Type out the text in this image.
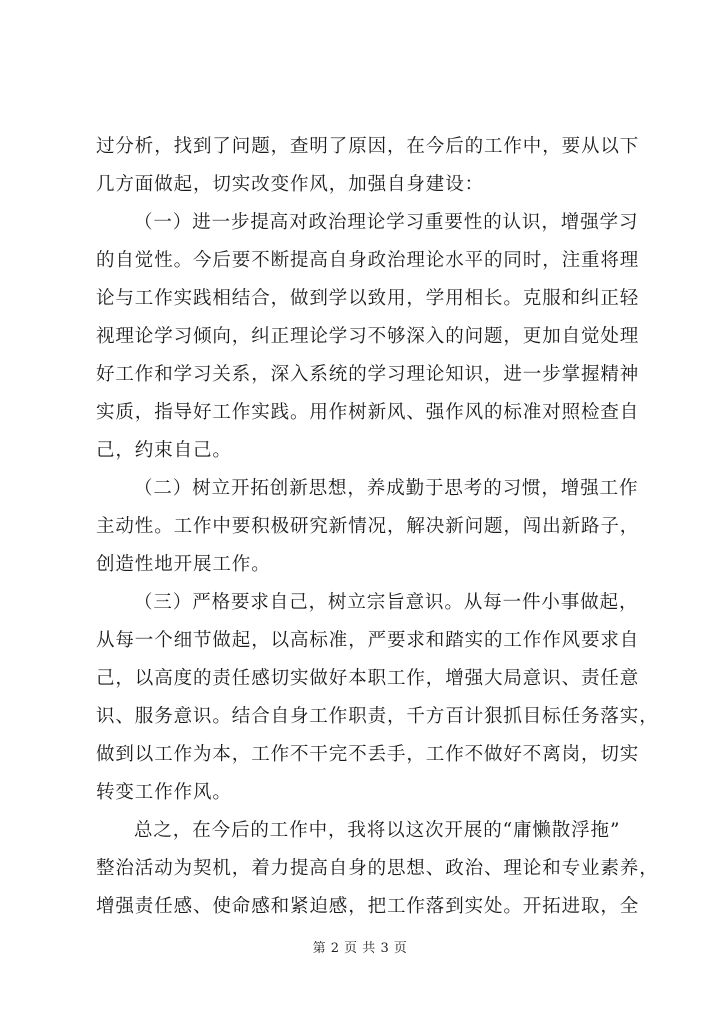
过分析，找到了问题，查明了原因，在今后的工作中，要从以下
几方面做起，切实改变作风，加强自身建设：
（一）进一步提高对政治理论学习重要性的认识，增强学习
的自觉性。今后要不断提高自身政治理论水平的同时，注重将理
论与工作实践相结合，做到学以致用，学用相长。克服和纠正轻
视理论学习倾向，纠正理论学习不够深入的问题，更加自觉处理
好工作和学习关系，深入系统的学习理论知识，进一步掌握精神
实质，指导好工作实践。用作树新风、强作风的标准对照检查自
己，约束自己。
（二）树立开拓创新思想，养成勤于思考的习惯，增强工作
主动性。工作中要积极研究新情况，解决新问题，闯出新路子，
创造性地开展工作。
（三）严格要求自己，树立宗旨意识。从每一件小事做起，
从每一个细节做起，以高标准，严要求和踏实的工作作风要求自
己，以高度的责任感切实做好本职工作，增强大局意识、责任意
识、服务意识。结合自身工作职责，千方百计狠抓目标任务落实，
做到以工作为本，工作不干完不丢手，工作不做好不离岗，切实
转变工作作风。
总之，在今后的工作中，我将以这次开展的“庸懒散浮拖”
整治活动为契机，着力提高自身的思想、政治、理论和专业素养，
增强责任感、使命感和紧迫感，把工作落到实处。开拓进取，全
第 2 页 共 3 页
